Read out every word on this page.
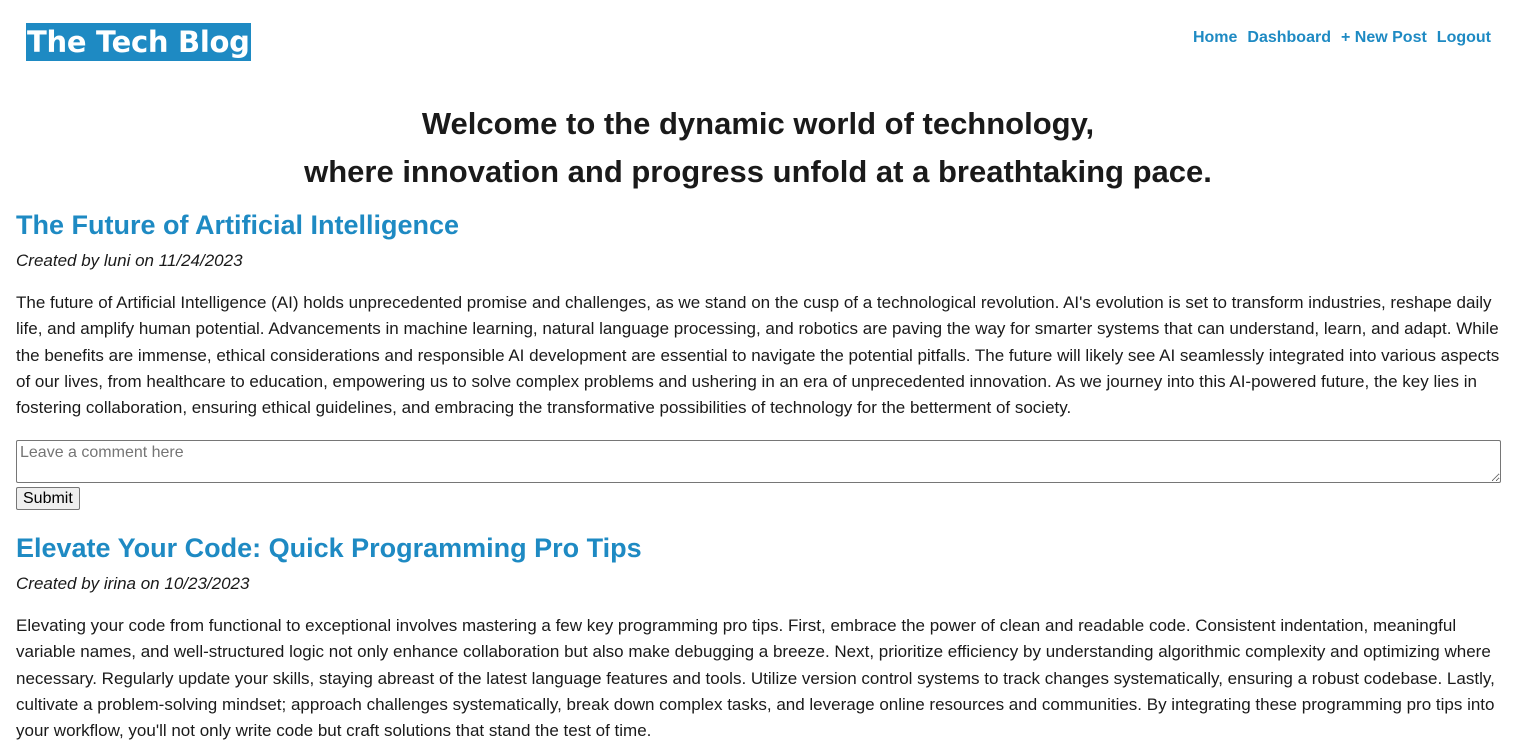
The Tech Blog	Home Dashboard + New Post Logout
Welcome to the dynamic world of technology,
where innovation and progress unfold at a breathtaking pace.
The Future of Artificial Intelligence

Created by luni on 11/24/2023

The future of Artificial Intelligence (AI) holds unprecedented promise and challenges, as we stand on the cusp of a technological revolution. AI's evolution is set to transform industries, reshape daily life, and amplify human potential. Advancements in machine learning, natural language processing, and robotics are paving the way for smarter systems that can understand, learn, and adapt. While the benefits are immense, ethical considerations and responsible AI development are essential to navigate the potential pitfalls. The future will likely see AI seamlessly integrated into various aspects of our lives, from healthcare to education, empowering us to solve complex problems and ushering in an era of unprecedented innovation. As we journey into this AI-powered future, the key lies in fostering collaboration, ensuring ethical guidelines, and embracing the transformative possibilities of technology for the betterment of society.

Leave a comment here
Submit
Elevate Your Code: Quick Programming Pro Tips

Created by irina on 10/23/2023

Elevating your code from functional to exceptional involves mastering a few key programming pro tips. First, embrace the power of clean and readable code. Consistent indentation, meaningful variable names, and well-structured logic not only enhance collaboration but also make debugging a breeze. Next, prioritize efficiency by understanding algorithmic complexity and optimizing where necessary. Regularly update your skills, staying abreast of the latest language features and tools. Utilize version control systems to track changes systematically, ensuring a robust codebase. Lastly, cultivate a problem-solving mindset; approach challenges systematically, break down complex tasks, and leverage online resources and communities. By integrating these programming pro tips into your workflow, you'll not only write code but craft solutions that stand the test of time.
